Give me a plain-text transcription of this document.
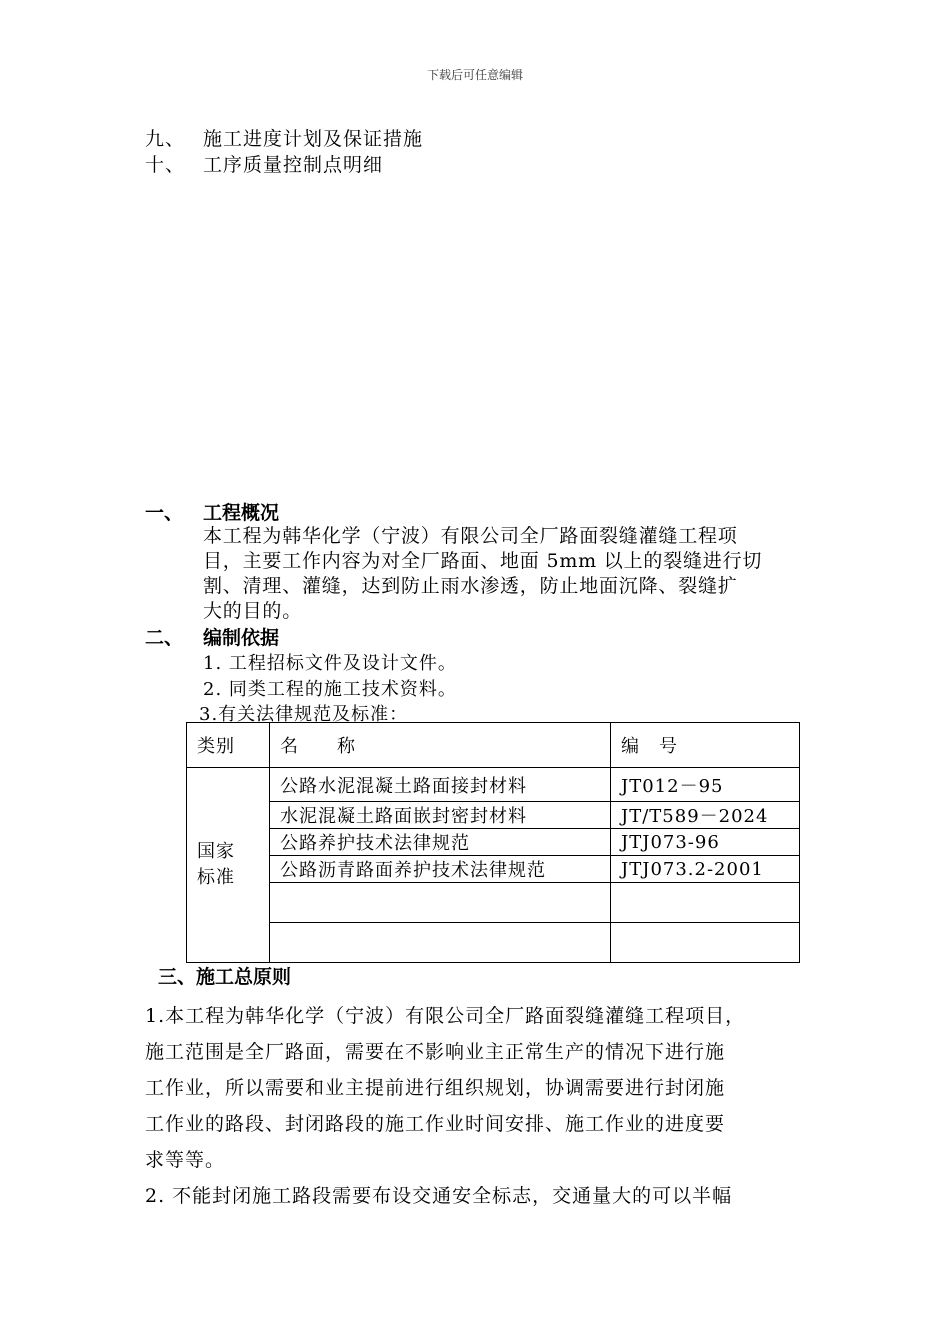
下载后可任意编辑
九、 施工进度计划及保证措施
十、 工序质量控制点明细
一、 工程概况
本工程为韩华化学（宁波）有限公司全厂路面裂缝灌缝工程项
目，主要工作内容为对全厂路面、地面 5mm 以上的裂缝进行切
割、清理、灌缝，达到防止雨水渗透，防止地面沉降、裂缝扩
大的目的。
二、 编制依据
1. 工程招标文件及设计文件。
2. 同类工程的施工技术资料。
3.有关法律规范及标准：
类别	名　　称	编　号
国家
标准	公路水泥混凝土路面接封材料	JT012－95
	水泥混凝土路面嵌封密封材料	JT/T589－2024
	公路养护技术法律规范	JTJ073-96
	公路沥青路面养护技术法律规范	JTJ073.2-2001

三、施工总原则
1.本工程为韩华化学（宁波）有限公司全厂路面裂缝灌缝工程项目，
施工范围是全厂路面，需要在不影响业主正常生产的情况下进行施
工作业，所以需要和业主提前进行组织规划，协调需要进行封闭施
工作业的路段、封闭路段的施工作业时间安排、施工作业的进度要
求等等。
2. 不能封闭施工路段需要布设交通安全标志，交通量大的可以半幅
